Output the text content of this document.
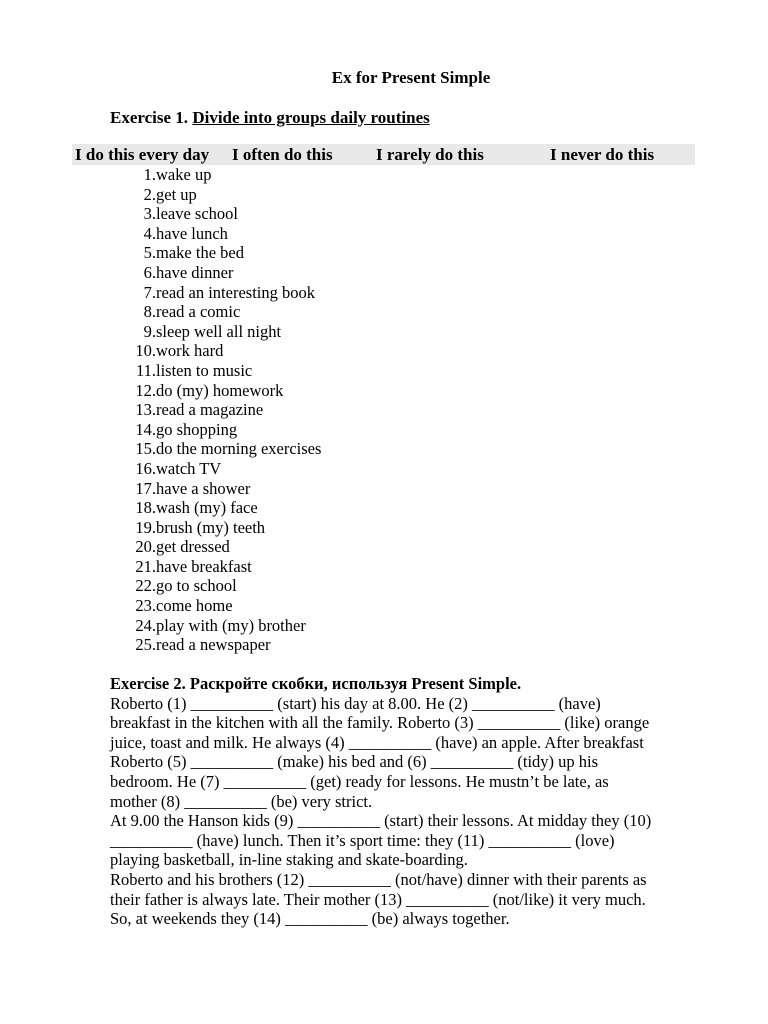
Ex for Present Simple
Exercise 1. Divide into groups daily routines
I do this every day I often do this	I rarely do this	I never do this
1. wake up
2. get up
3. leave school
4. have lunch
5. make the bed
6. have dinner
7. read an interesting book
8. read a comic
9. sleep well all night
10. work hard
11. listen to music
12. do (my) homework
13. read a magazine
14. go shopping
15. do the morning exercises
16. watch TV
17. have a shower
18. wash (my) face
19. brush (my) teeth
20. get dressed
21. have breakfast
22. go to school
23. come home
24. play with (my) brother
25. read a newspaper
Exercise 2. Раскройте скобки, используя Present Simple.
Roberto (1) __________ (start) his day at 8.00. He (2) __________ (have)
breakfast in the kitchen with all the family. Roberto (3) __________ (like) orange
juice, toast and milk. He always (4) __________ (have) an apple. After breakfast
Roberto (5) __________ (make) his bed and (6) __________ (tidy) up his
bedroom. He (7) __________ (get) ready for lessons. He mustn’t be late, as
mother (8) __________ (be) very strict.
At 9.00 the Hanson kids (9) __________ (start) their lessons. At midday they (10)
__________ (have) lunch. Then it’s sport time: they (11) __________ (love)
playing basketball, in-line staking and skate-boarding.
Roberto and his brothers (12) __________ (not/have) dinner with their parents as
their father is always late. Their mother (13) __________ (not/like) it very much.
So, at weekends they (14) __________ (be) always together.
